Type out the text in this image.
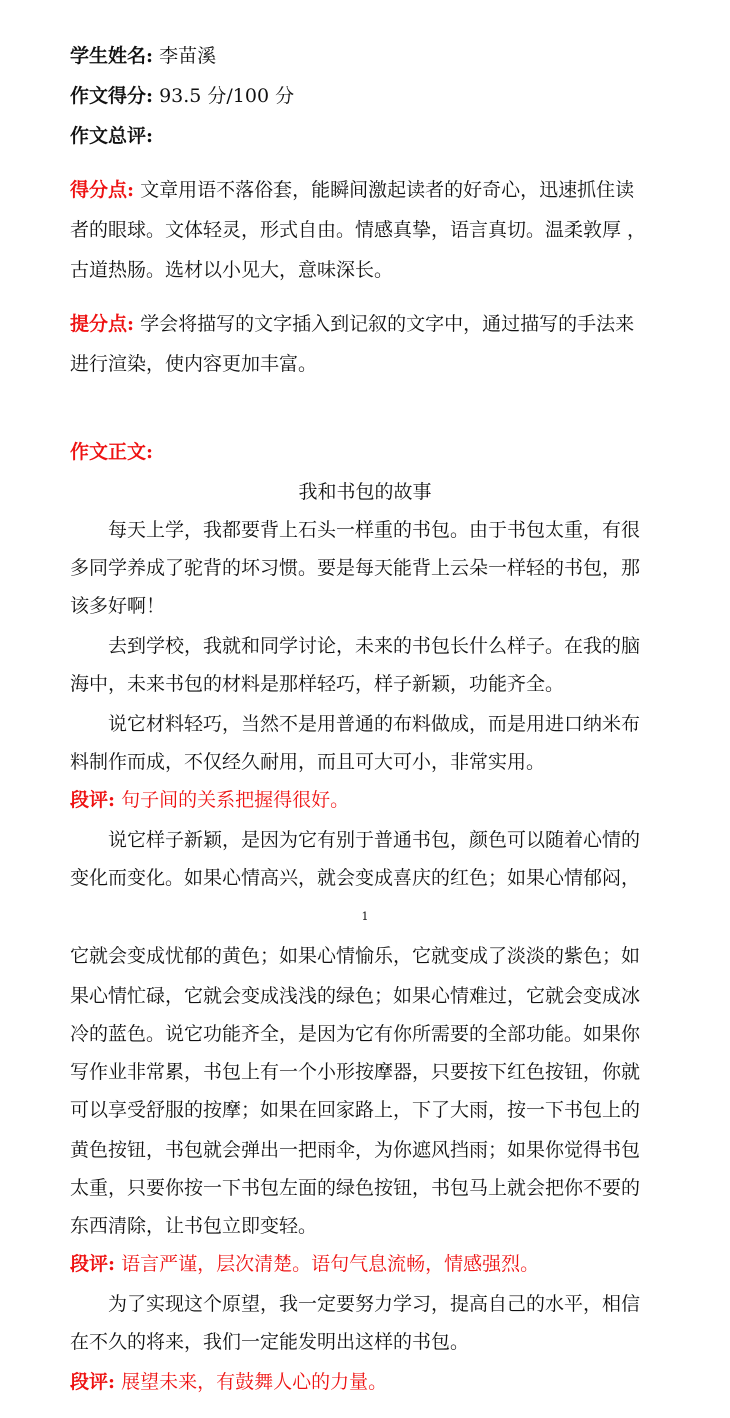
学生姓名: 李苗溪
作文得分: 93.5 分/100 分
作文总评:
得分点: 文章用语不落俗套，能瞬间激起读者的好奇心，迅速抓住读
者的眼球。文体轻灵，形式自由。情感真挚，语言真切。温柔敦厚 ，
古道热肠。选材以小见大，意味深长。
提分点: 学会将描写的文字插入到记叙的文字中，通过描写的手法来
进行渲染，使内容更加丰富。
作文正文:
我和书包的故事
每天上学，我都要背上石头一样重的书包。由于书包太重，有很
多同学养成了驼背的坏习惯。要是每天能背上云朵一样轻的书包，那
该多好啊！
去到学校，我就和同学讨论，未来的书包长什么样子。在我的脑
海中，未来书包的材料是那样轻巧，样子新颖，功能齐全。
说它材料轻巧，当然不是用普通的布料做成，而是用进口纳米布
料制作而成，不仅经久耐用，而且可大可小，非常实用。
段评: 句子间的关系把握得很好。
说它样子新颖，是因为它有别于普通书包，颜色可以随着心情的
变化而变化。如果心情高兴，就会变成喜庆的红色；如果心情郁闷，
1
它就会变成忧郁的黄色；如果心情愉乐，它就变成了淡淡的紫色；如
果心情忙碌，它就会变成浅浅的绿色；如果心情难过，它就会变成冰
冷的蓝色。说它功能齐全，是因为它有你所需要的全部功能。如果你
写作业非常累，书包上有一个小形按摩器，只要按下红色按钮，你就
可以享受舒服的按摩；如果在回家路上，下了大雨，按一下书包上的
黄色按钮，书包就会弹出一把雨伞，为你遮风挡雨；如果你觉得书包
太重，只要你按一下书包左面的绿色按钮，书包马上就会把你不要的
东西清除，让书包立即变轻。
段评: 语言严谨，层次清楚。语句气息流畅，情感强烈。
为了实现这个原望，我一定要努力学习，提高自己的水平，相信
在不久的将来，我们一定能发明出这样的书包。
段评: 展望未来，有鼓舞人心的力量。
